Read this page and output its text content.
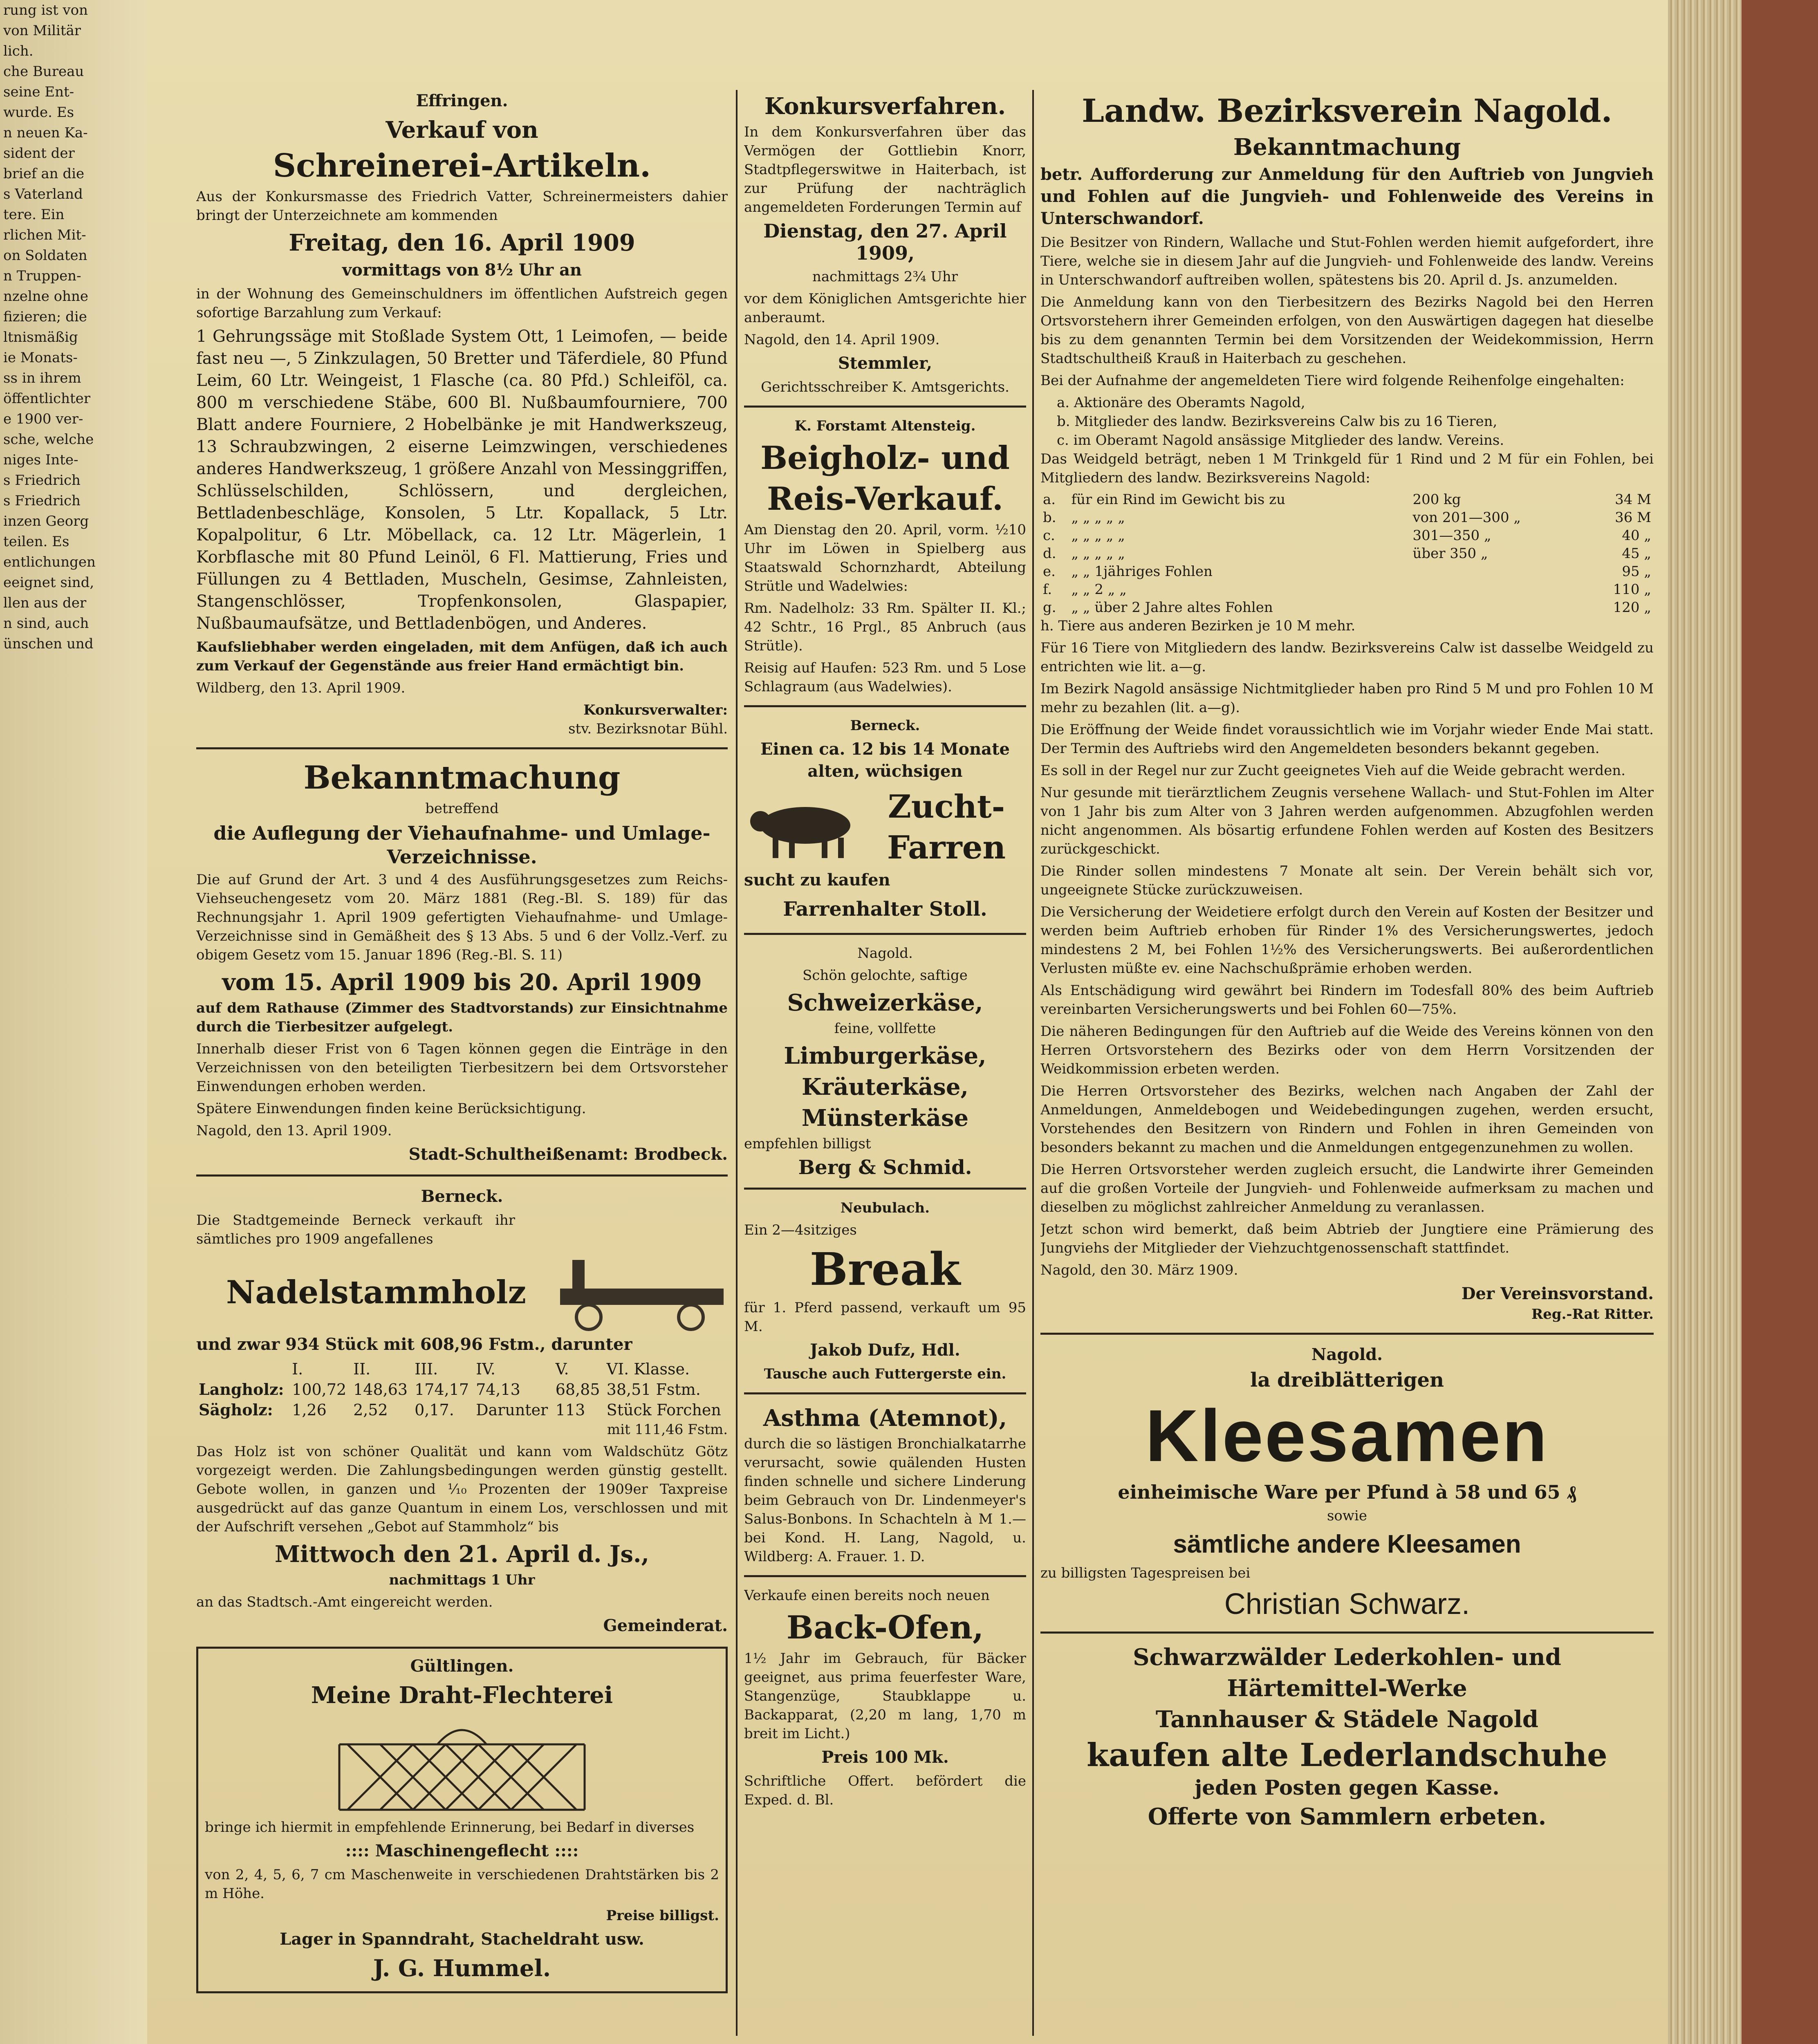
rung ist von

von Militär

lich.

che Bureau

seine Ent-

wurde. Es

n neuen Ka-

sident der

brief an die

s Vaterland

tere. Ein

rlichen Mit-

on Soldaten

n Truppen-

nzelne ohne

fizieren; die

ltnismäßig

ie Monats-

ss in ihrem

öffentlichter

e 1900 ver-

sche, welche

niges Inte-

s Friedrich

s Friedrich

inzen Georg

teilen. Es

entlichungen

eeignet sind,

llen aus der

n sind, auch

ünschen und

Effringen.

Verkauf von

Schreinerei-Artikeln.

Aus der Konkursmasse des Friedrich Vatter, Schreinermeisters dahier bringt der Unterzeichnete am kommenden

Freitag, den 16. April 1909

vormittags von 8½ Uhr an

in der Wohnung des Gemeinschuldners im öffentlichen Aufstreich gegen sofortige Barzahlung zum Verkauf:

1 Gehrungssäge mit Stoßlade System Ott, 1 Leimofen, — beide fast neu —, 5 Zinkzulagen, 50 Bretter und Täferdiele, 80 Pfund Leim, 60 Ltr. Weingeist, 1 Flasche (ca. 80 Pfd.) Schleiföl, ca. 800 m verschiedene Stäbe, 600 Bl. Nußbaumfourniere, 700 Blatt andere Fourniere, 2 Hobelbänke je mit Handwerkszeug, 13 Schraubzwingen, 2 eiserne Leimzwingen, verschiedenes anderes Handwerkszeug, 1 größere Anzahl von Messinggriffen, Schlüsselschilden, Schlössern, und dergleichen, Bettladenbeschläge, Konsolen, 5 Ltr. Kopallack, 5 Ltr. Kopalpolitur, 6 Ltr. Möbellack, ca. 12 Ltr. Mägerlein, 1 Korbflasche mit 80 Pfund Leinöl, 6 Fl. Mattierung, Fries und Füllungen zu 4 Bettladen, Muscheln, Gesimse, Zahnleisten, Stangenschlösser, Tropfenkonsolen, Glaspapier, Nußbaumaufsätze, und Bettladenbögen, und Anderes.

Kaufsliebhaber werden eingeladen, mit dem Anfügen, daß ich auch zum Verkauf der Gegenstände aus freier Hand ermächtigt bin.

Wildberg, den 13. April 1909.

Konkursverwalter:

stv. Bezirksnotar Bühl.

Bekanntmachung

betreffend

die Auflegung der Viehaufnahme- und Umlage-Verzeichnisse.

Die auf Grund der Art. 3 und 4 des Ausführungsgesetzes zum Reichs-Viehseuchengesetz vom 20. März 1881 (Reg.-Bl. S. 189) für das Rechnungsjahr 1. April 1909 gefertigten Viehaufnahme- und Umlage-Verzeichnisse sind in Gemäßheit des § 13 Abs. 5 und 6 der Vollz.-Verf. zu obigem Gesetz vom 15. Januar 1896 (Reg.-Bl. S. 11)

vom 15. April 1909 bis 20. April 1909

auf dem Rathause (Zimmer des Stadtvorstands) zur Einsichtnahme durch die Tierbesitzer aufgelegt.

Innerhalb dieser Frist von 6 Tagen können gegen die Einträge in den Verzeichnissen von den beteiligten Tierbesitzern bei dem Ortsvorsteher Einwendungen erhoben werden.

Spätere Einwendungen finden keine Berücksichtigung.

Nagold, den 13. April 1909.

Stadt-Schultheißenamt: Brodbeck.

Berneck.

Die Stadtgemeinde Berneck verkauft ihr sämtliches pro 1909 angefallenes

Nadelstammholz

und zwar 934 Stück mit 608,96 Fstm., darunter

	I.	II.	III.	IV.	V.	VI. Klasse.
Langholz:	100,72	148,63	174,17	74,13	68,85	38,51 Fstm.
Sägholz:	1,26	2,52	0,17.	Darunter	113	Stück Forchen

mit 111,46 Fstm.

Das Holz ist von schöner Qualität und kann vom Waldschütz Götz vorgezeigt werden. Die Zahlungsbedingungen werden günstig gestellt. Gebote wollen, in ganzen und ¹⁄₁₀ Prozenten der 1909er Taxpreise ausgedrückt auf das ganze Quantum in einem Los, verschlossen und mit der Aufschrift versehen „Gebot auf Stammholz“ bis

Mittwoch den 21. April d. Js.,

nachmittags 1 Uhr

an das Stadtsch.-Amt eingereicht werden.

Gemeinderat.

Gültlingen.

Meine Draht-Flechterei

bringe ich hiermit in empfehlende Erinnerung, bei Bedarf in diverses

:::: Maschinengeflecht ::::

von 2, 4, 5, 6, 7 cm Maschenweite in verschiedenen Drahtstärken bis 2 m Höhe.

Preise billigst.

Lager in Spanndraht, Stacheldraht usw.

J. G. Hummel.

Konkursverfahren.

In dem Konkursverfahren über das Vermögen der Gottliebin Knorr, Stadtpflegerswitwe in Haiterbach, ist zur Prüfung der nachträglich angemeldeten Forderungen Termin auf

Dienstag, den 27. April 1909,

nachmittags 2¾ Uhr

vor dem Königlichen Amtsgerichte hier anberaumt.

Nagold, den 14. April 1909.

Stemmler,

Gerichtsschreiber K. Amtsgerichts.

K. Forstamt Altensteig.

Beigholz- und

Reis-Verkauf.

Am Dienstag den 20. April, vorm. ½10 Uhr im Löwen in Spielberg aus Staatswald Schornzhardt, Abteilung Strütle und Wadelwies:

Rm. Nadelholz: 33 Rm. Spälter II. Kl.; 42 Schtr., 16 Prgl., 85 Anbruch (aus Strütle).

Reisig auf Haufen: 523 Rm. und 5 Lose Schlagraum (aus Wadelwies).

Berneck.

Einen ca. 12 bis 14 Monate alten, wüchsigen

Zucht-

Farren

sucht zu kaufen

Farrenhalter Stoll.

Nagold.

Schön gelochte, saftige

Schweizerkäse,

feine, vollfette

Limburgerkäse,

Kräuterkäse,

Münsterkäse

empfehlen billigst

Berg & Schmid.

Neubulach.

Ein 2—4sitziges

Break

für 1. Pferd passend, verkauft um 95 M.

Jakob Dufz, Hdl.

Tausche auch Futtergerste ein.

Asthma (Atemnot),

durch die so lästigen Bronchialkatarrhe verursacht, sowie quälenden Husten finden schnelle und sichere Linderung beim Gebrauch von Dr. Lindenmeyer's Salus-Bonbons. In Schachteln à M 1.— bei Kond. H. Lang, Nagold, u. Wildberg: A. Frauer. 1. D.

Verkaufe einen bereits noch neuen

Back-Ofen,

1½ Jahr im Gebrauch, für Bäcker geeignet, aus prima feuerfester Ware, Stangenzüge, Staubklappe u. Backapparat, (2,20 m lang, 1,70 m breit im Licht.)

Preis 100 Mk.

Schriftliche Offert. befördert die Exped. d. Bl.

Landw. Bezirksverein Nagold.

Bekanntmachung

betr. Aufforderung zur Anmeldung für den Auftrieb von Jungvieh und Fohlen auf die Jungvieh- und Fohlenweide des Vereins in Unterschwandorf.

Die Besitzer von Rindern, Wallache und Stut-Fohlen werden hiemit aufgefordert, ihre Tiere, welche sie in diesem Jahr auf die Jungvieh- und Fohlenweide des landw. Vereins in Unterschwandorf auftreiben wollen, spätestens bis 20. April d. Js. anzumelden.

Die Anmeldung kann von den Tierbesitzern des Bezirks Nagold bei den Herren Ortsvorstehern ihrer Gemeinden erfolgen, von den Auswärtigen dagegen hat dieselbe bis zu dem genannten Termin bei dem Vorsitzenden der Weidekommission, Herrn Stadtschultheiß Krauß in Haiterbach zu geschehen.

Bei der Aufnahme der angemeldeten Tiere wird folgende Reihenfolge eingehalten:

a. Aktionäre des Oberamts Nagold,

b. Mitglieder des landw. Bezirksvereins Calw bis zu 16 Tieren,

c. im Oberamt Nagold ansässige Mitglieder des landw. Vereins.

Das Weidgeld beträgt, neben 1 M Trinkgeld für 1 Rind und 2 M für ein Fohlen, bei Mitgliedern des landw. Bezirksvereins Nagold:

a.	für ein Rind im Gewicht bis zu	200 kg	34 M
b.	„ „ „ „ „	von 201—300 „	36 M
c.	„ „ „ „ „	301—350 „	40 „
d.	„ „ „ „ „	über 350 „	45 „
e.	„ „ 1jähriges Fohlen		95 „
f.	„ „ 2 „ „		110 „
g.	„ „ über 2 Jahre altes Fohlen		120 „

h. Tiere aus anderen Bezirken je 10 M mehr.

Für 16 Tiere von Mitgliedern des landw. Bezirksvereins Calw ist dasselbe Weidgeld zu entrichten wie lit. a—g.

Im Bezirk Nagold ansässige Nichtmitglieder haben pro Rind 5 M und pro Fohlen 10 M mehr zu bezahlen (lit. a—g).

Die Eröffnung der Weide findet voraussichtlich wie im Vorjahr wieder Ende Mai statt. Der Termin des Auftriebs wird den Angemeldeten besonders bekannt gegeben.

Es soll in der Regel nur zur Zucht geeignetes Vieh auf die Weide gebracht werden.

Nur gesunde mit tierärztlichem Zeugnis versehene Wallach- und Stut-Fohlen im Alter von 1 Jahr bis zum Alter von 3 Jahren werden aufgenommen. Abzugfohlen werden nicht angenommen. Als bösartig erfundene Fohlen werden auf Kosten des Besitzers zurückgeschickt.

Die Rinder sollen mindestens 7 Monate alt sein. Der Verein behält sich vor, ungeeignete Stücke zurückzuweisen.

Die Versicherung der Weidetiere erfolgt durch den Verein auf Kosten der Besitzer und werden beim Auftrieb erhoben für Rinder 1% des Versicherungswertes, jedoch mindestens 2 M, bei Fohlen 1½% des Versicherungswerts. Bei außerordentlichen Verlusten müßte ev. eine Nachschußprämie erhoben werden.

Als Entschädigung wird gewährt bei Rindern im Todesfall 80% des beim Auftrieb vereinbarten Versicherungswerts und bei Fohlen 60—75%.

Die näheren Bedingungen für den Auftrieb auf die Weide des Vereins können von den Herren Ortsvorstehern des Bezirks oder von dem Herrn Vorsitzenden der Weidkommission erbeten werden.

Die Herren Ortsvorsteher des Bezirks, welchen nach Angaben der Zahl der Anmeldungen, Anmeldebogen und Weidebedingungen zugehen, werden ersucht, Vorstehendes den Besitzern von Rindern und Fohlen in ihren Gemeinden von besonders bekannt zu machen und die Anmeldungen entgegenzunehmen zu wollen.

Die Herren Ortsvorsteher werden zugleich ersucht, die Landwirte ihrer Gemeinden auf die großen Vorteile der Jungvieh- und Fohlenweide aufmerksam zu machen und dieselben zu möglichst zahlreicher Anmeldung zu veranlassen.

Jetzt schon wird bemerkt, daß beim Abtrieb der Jungtiere eine Prämierung des Jungviehs der Mitglieder der Viehzuchtgenossenschaft stattfindet.

Nagold, den 30. März 1909.

Der Vereinsvorstand.

Reg.-Rat Ritter.

Nagold.

la dreiblätterigen

Kleesamen

einheimische Ware per Pfund à 58 und 65 ₰

sowie

sämtliche andere Kleesamen

zu billigsten Tagespreisen bei

Christian Schwarz.

Schwarzwälder Lederkohlen- und

Härtemittel-Werke

Tannhauser & Städele Nagold

kaufen alte Lederlandschuhe

jeden Posten gegen Kasse.

Offerte von Sammlern erbeten.
